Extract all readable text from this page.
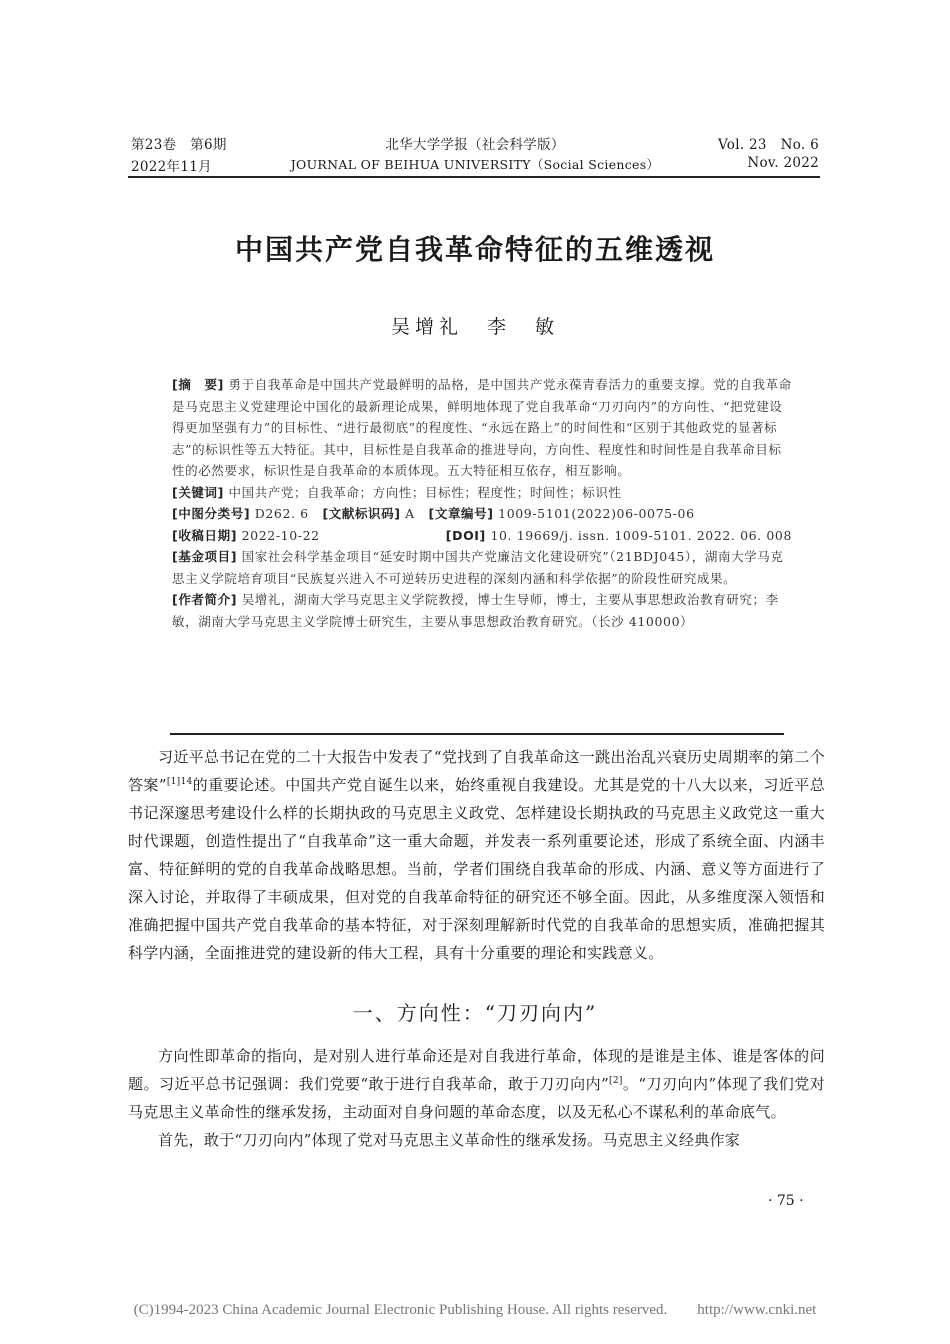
第23卷　第6期	北华大学学报（社会科学版）	Vol. 23　No. 6
2022年11月	JOURNAL OF BEIHUA UNIVERSITY（Social Sciences）	Nov. 2022
中国共产党自我革命特征的五维透视
吴增礼　李　敏

[摘　要] 勇于自我革命是中国共产党最鲜明的品格，是中国共产党永葆青春活力的重要支撑。党的自我革命是马克思主义党建理论中国化的最新理论成果，鲜明地体现了党自我革命“刀刃向内”的方向性、“把党建设得更加坚强有力”的目标性、“进行最彻底”的程度性、“永远在路上”的时间性和“区别于其他政党的显著标志”的标识性等五大特征。其中，目标性是自我革命的推进导向，方向性、程度性和时间性是自我革命目标性的必然要求，标识性是自我革命的本质体现。五大特征相互依存，相互影响。

[关键词] 中国共产党；自我革命；方向性；目标性；程度性；时间性；标识性

[中图分类号] D262. 6 [文献标识码] A [文章编号] 1009-5101(2022)06-0075-06

[收稿日期] 2022-10-22	[DOI] 10. 19669/j. issn. 1009-5101. 2022. 06. 008

[基金项目] 国家社会科学基金项目“延安时期中国共产党廉洁文化建设研究”（21BDJ045），湖南大学马克思主义学院培育项目“民族复兴进入不可逆转历史进程的深刻内涵和科学依据”的阶段性研究成果。

[作者简介] 吴增礼，湖南大学马克思主义学院教授，博士生导师，博士，主要从事思想政治教育研究；李敏，湖南大学马克思主义学院博士研究生，主要从事思想政治教育研究。（长沙 410000）

习近平总书记在党的二十大报告中发表了“党找到了自我革命这一跳出治乱兴衰历史周期率的第二个答案”$^{[1]14}$的重要论述。中国共产党自诞生以来，始终重视自我建设。尤其是党的十八大以来，习近平总书记深邃思考建设什么样的长期执政的马克思主义政党、怎样建设长期执政的马克思主义政党这一重大时代课题，创造性提出了“自我革命”这一重大命题，并发表一系列重要论述，形成了系统全面、内涵丰富、特征鲜明的党的自我革命战略思想。当前，学者们围绕自我革命的形成、内涵、意义等方面进行了深入讨论，并取得了丰硕成果，但对党的自我革命特征的研究还不够全面。因此，从多维度深入领悟和准确把握中国共产党自我革命的基本特征，对于深刻理解新时代党的自我革命的思想实质，准确把握其科学内涵，全面推进党的建设新的伟大工程，具有十分重要的理论和实践意义。

一、方向性：“刀刃向内”

方向性即革命的指向，是对别人进行革命还是对自我进行革命，体现的是谁是主体、谁是客体的问题。习近平总书记强调：我们党要“敢于进行自我革命，敢于刀刃向内”[2]。“刀刃向内”体现了我们党对马克思主义革命性的继承发扬，主动面对自身问题的革命态度，以及无私心不谋私利的革命底气。

首先，敢于“刀刃向内”体现了党对马克思主义革命性的继承发扬。马克思主义经典作家

· 75 ·
(C)1994-2023 China Academic Journal Electronic Publishing House. All rights reserved.　　http://www.cnki.net
